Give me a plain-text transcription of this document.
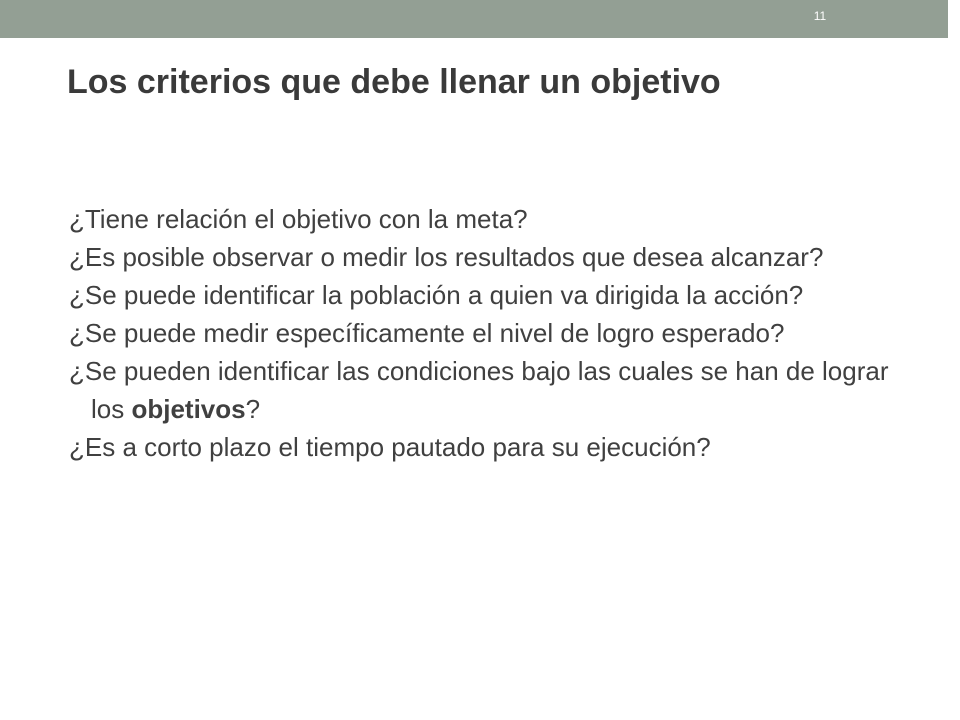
11
Los criterios que debe llenar un objetivo
¿Tiene relación el objetivo con la meta?
¿Es posible observar o medir los resultados que desea alcanzar?
¿Se puede identificar la población a quien va dirigida la acción?
¿Se puede medir específicamente el nivel de logro esperado?
¿Se pueden identificar las condiciones bajo las cuales se han de lograr los objetivos?
¿Es a corto plazo el tiempo pautado para su ejecución?
